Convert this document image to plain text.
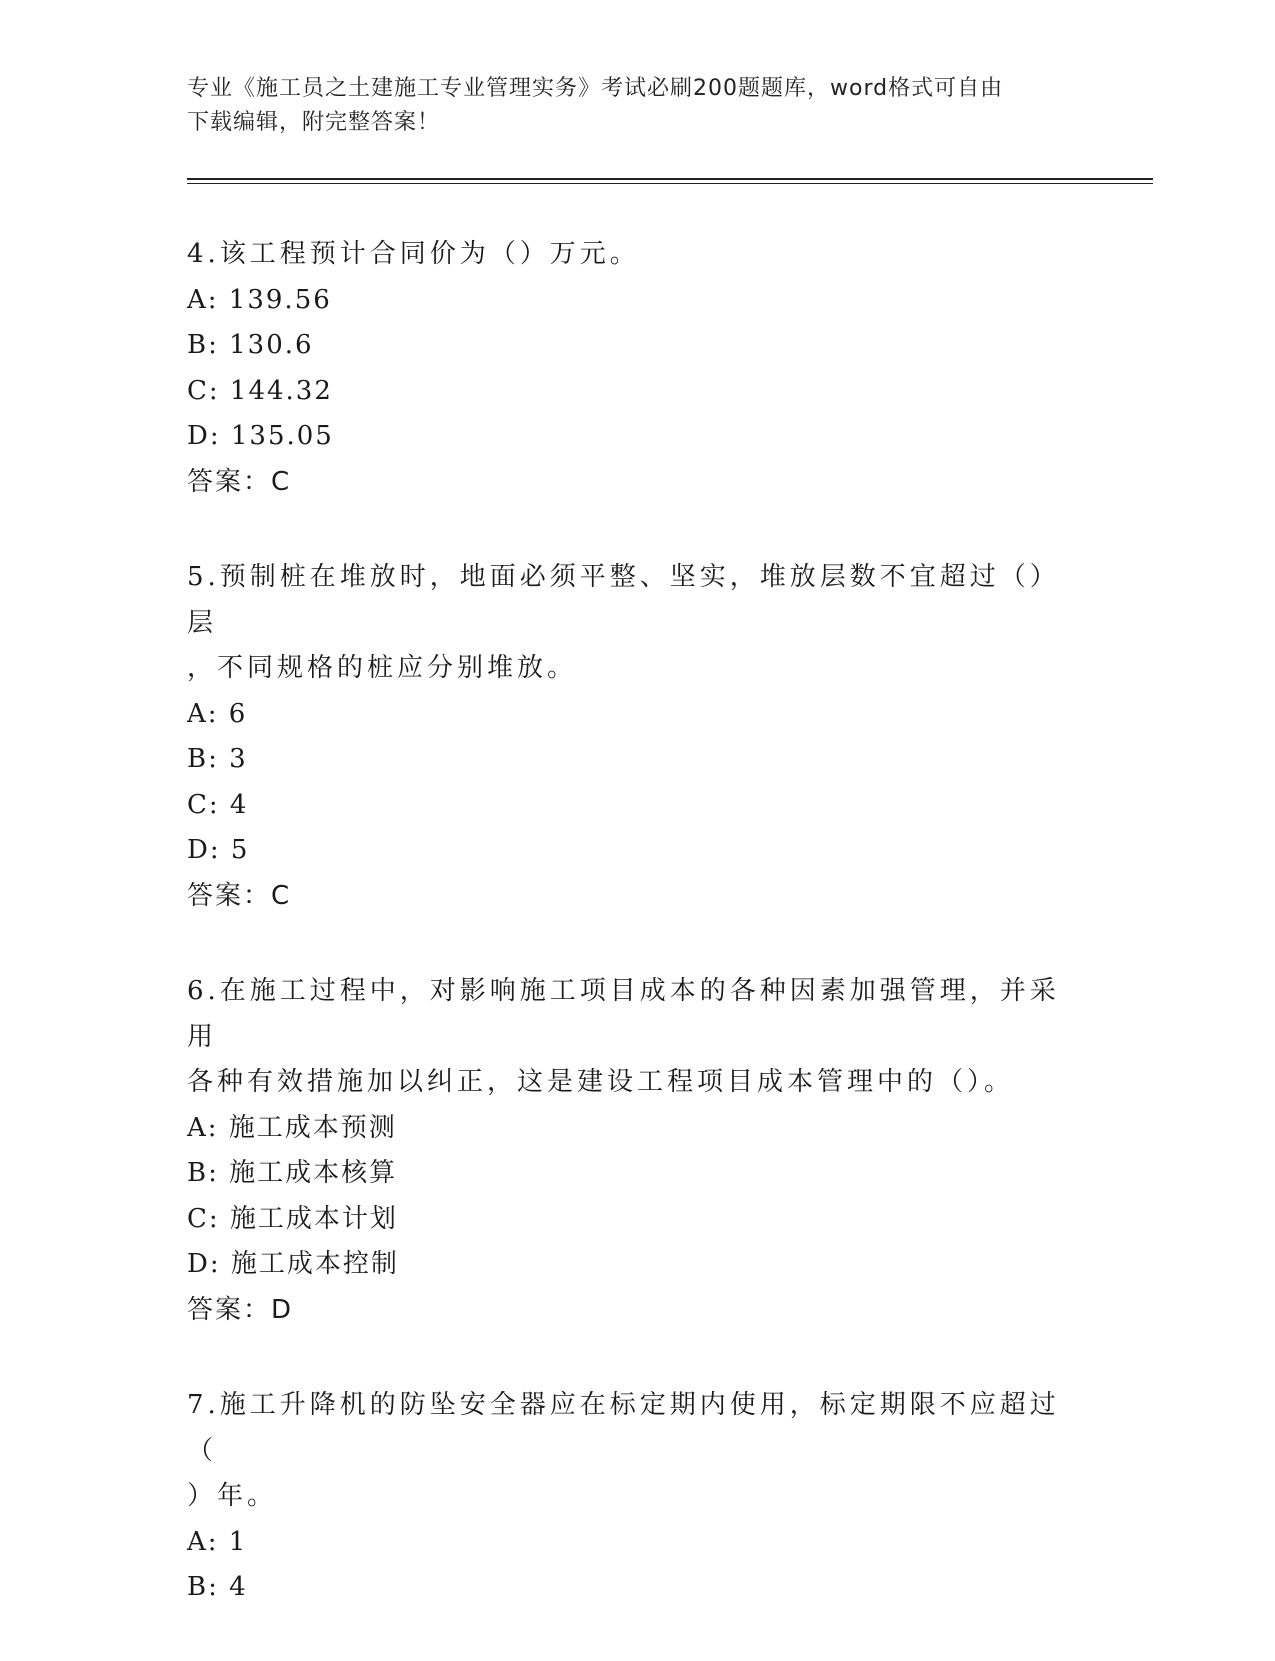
专业《施工员之土建施工专业管理实务》考试必刷200题题库，word格式可自由
下载编辑，附完整答案！

4.该工程预计合同价为（）万元。

A: 139.56

B: 130.6

C: 144.32

D: 135.05

答案：C

5.预制桩在堆放时，地面必须平整、坚实，堆放层数不宜超过（）层

，不同规格的桩应分别堆放。

A: 6

B: 3

C: 4

D: 5

答案：C

6.在施工过程中，对影响施工项目成本的各种因素加强管理，并采用

各种有效措施加以纠正，这是建设工程项目成本管理中的（）。

A: 施工成本预测

B: 施工成本核算

C: 施工成本计划

D: 施工成本控制

答案：D

7.施工升降机的防坠安全器应在标定期内使用，标定期限不应超过（

）年。

A: 1

B: 4
